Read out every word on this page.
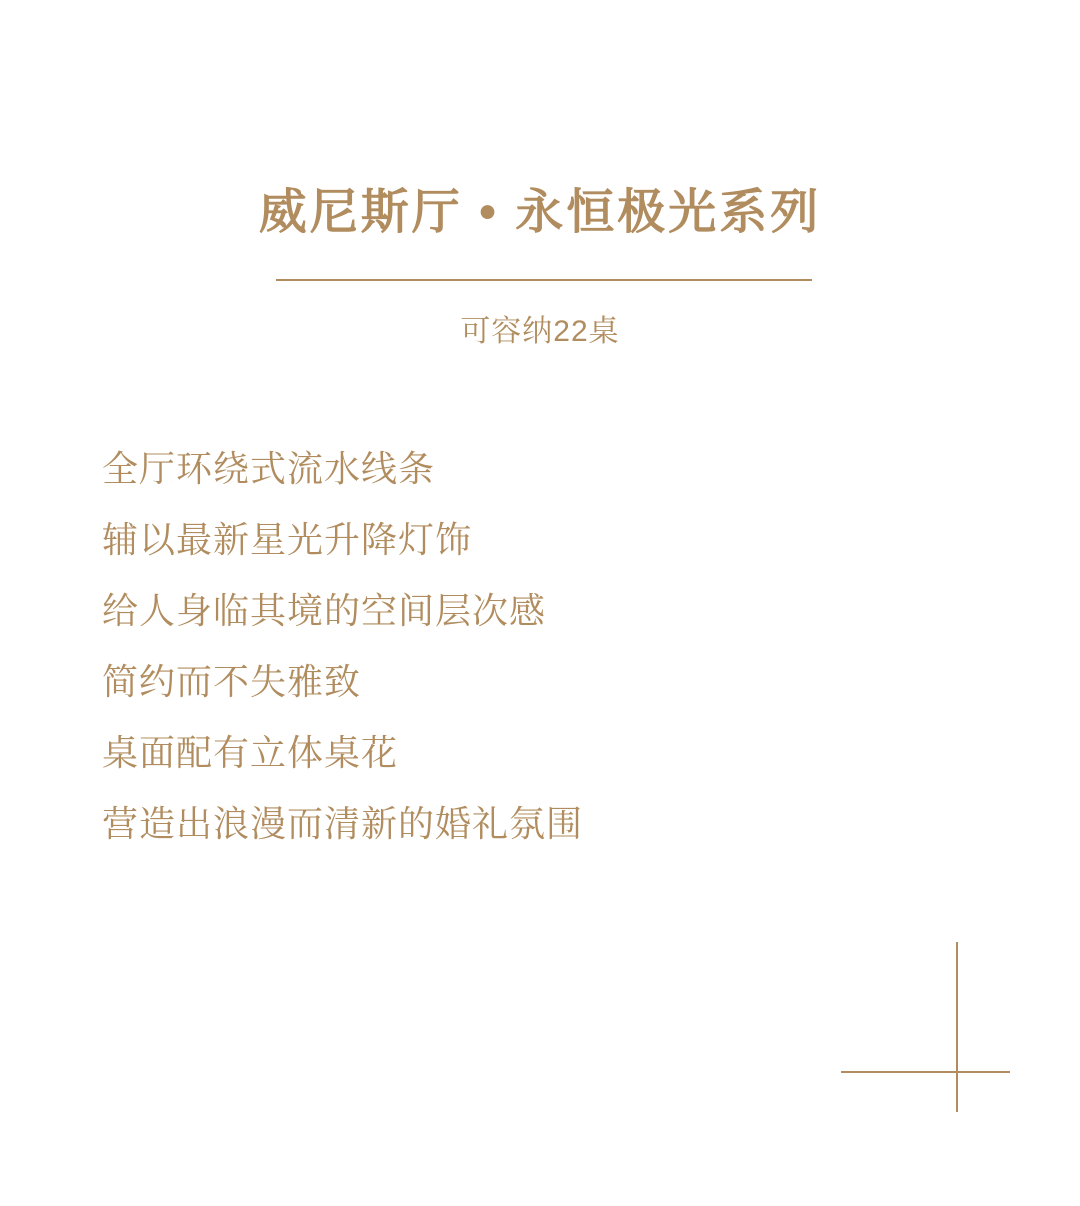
威尼斯厅 • 永恒极光系列

可容纳22桌

全厅环绕式流水线条

辅以最新星光升降灯饰

给人身临其境的空间层次感

简约而不失雅致

桌面配有立体桌花

营造出浪漫而清新的婚礼氛围
